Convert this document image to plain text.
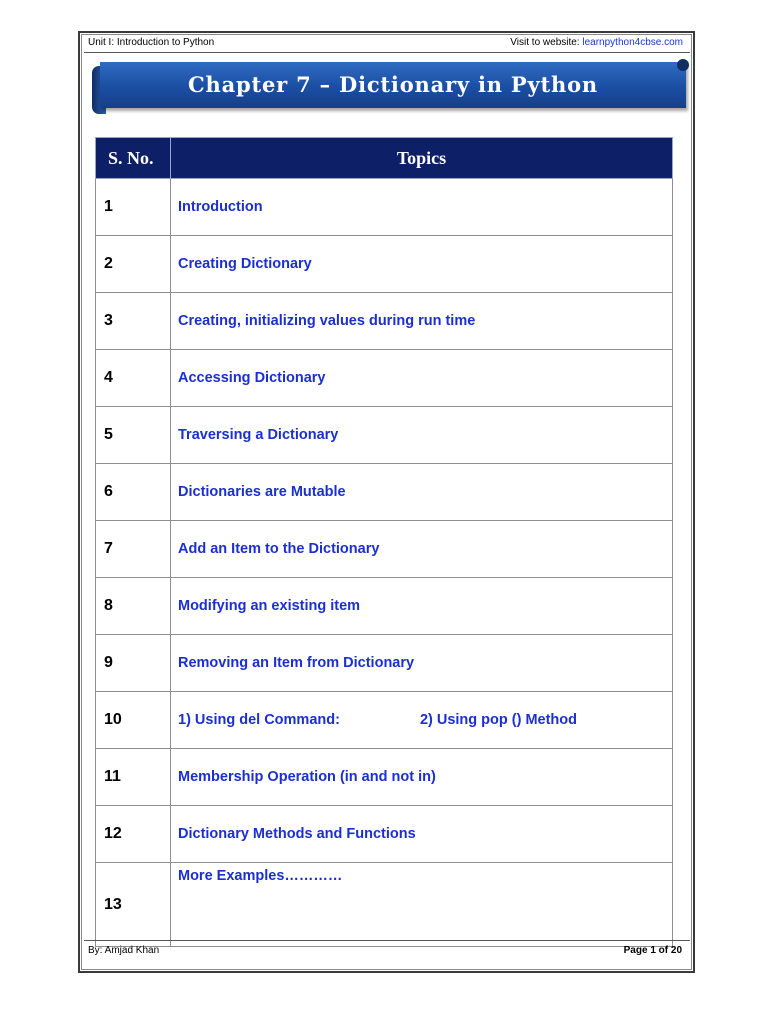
Unit I: Introduction to Python	Visit to website: learnpython4cbse.com
Chapter 7 – Dictionary in Python
S. No.	Topics
1	Introduction
2	Creating Dictionary
3	Creating, initializing values during run time
4	Accessing Dictionary
5	Traversing a Dictionary
6	Dictionaries are Mutable
7	Add an Item to the Dictionary
8	Modifying an existing item
9	Removing an Item from Dictionary
10	1) Using del Command: 2) Using pop () Method
11	Membership Operation (in and not in)
12	Dictionary Methods and Functions
13	More Examples…………
By: Amjad Khan	Page 1 of 20
